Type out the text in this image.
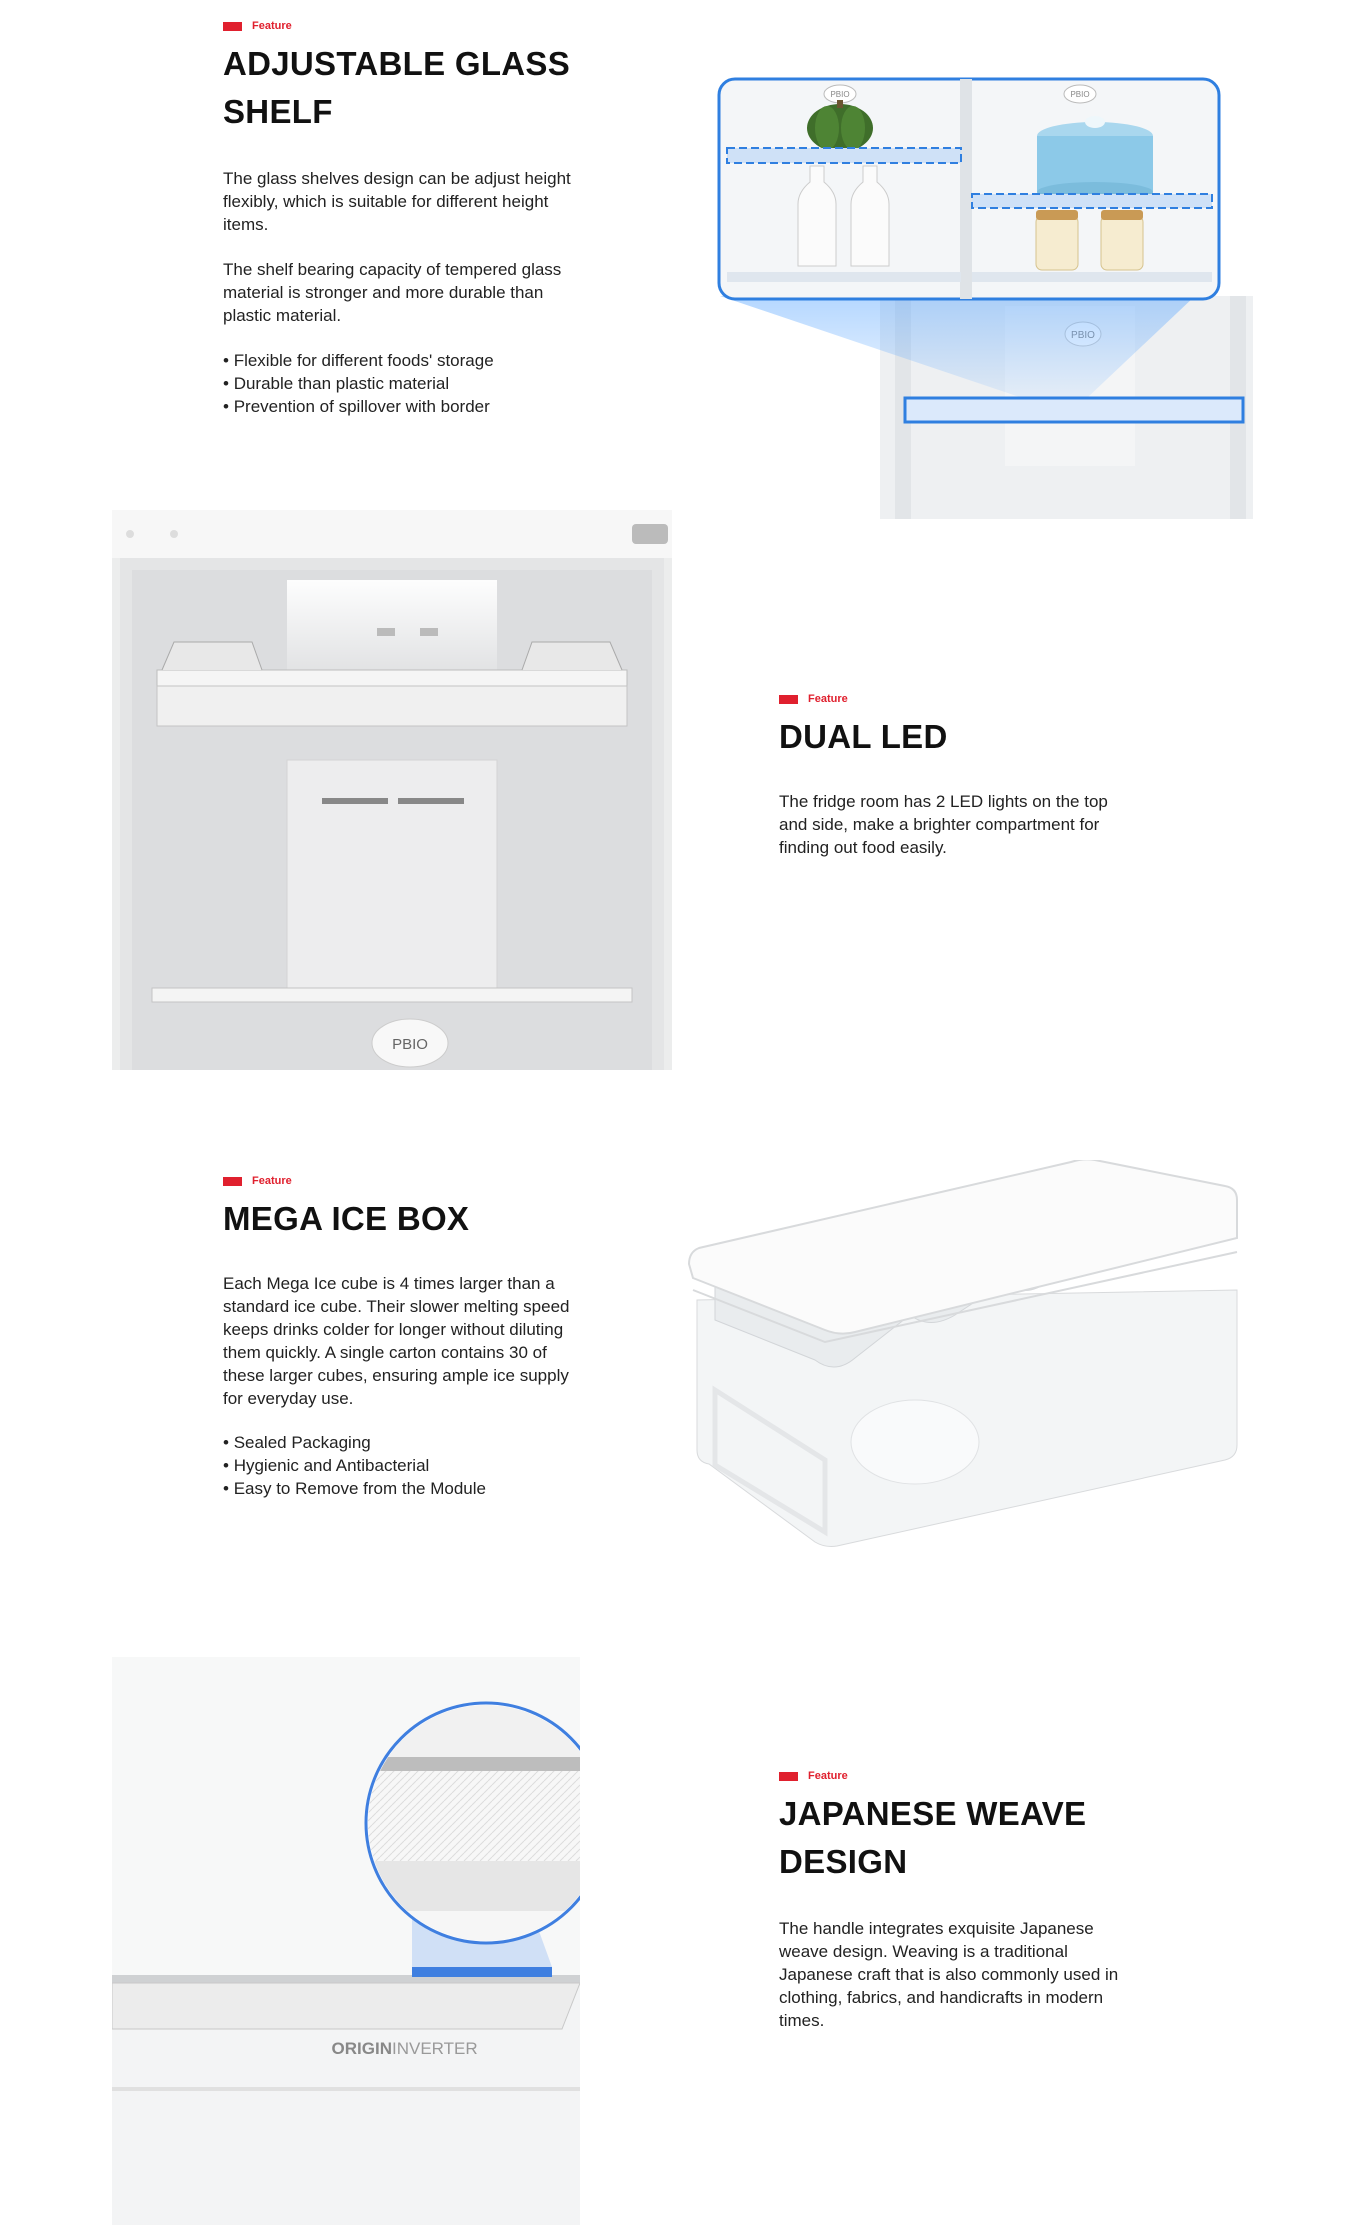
Feature
ADJUSTABLE GLASS
SHELF

The glass shelves design can be adjust height flexibly, which is suitable for different height items.

The shelf bearing capacity of tempered glass material is stronger and more durable than plastic material.

• Flexible for different foods' storage
• Durable than plastic material
• Prevention of spillover with border
PBIO	PBIO
PBIO
Feature
DUAL LED

The fridge room has 2 LED lights on the top and side, make a brighter compartment for finding out food easily.

Feature
MEGA ICE BOX

Each Mega Ice cube is 4 times larger than a standard ice cube. Their slower melting speed keeps drinks colder for longer without diluting them quickly. A single carton contains 30 of these larger cubes, ensuring ample ice supply for everyday use.

• Sealed Packaging
• Hygienic and Antibacterial
• Easy to Remove from the Module
ORIGIN INVERTER
Feature
JAPANESE WEAVE
DESIGN

The handle integrates exquisite Japanese weave design. Weaving is a traditional Japanese craft that is also commonly used in clothing, fabrics, and handicrafts in modern times.
